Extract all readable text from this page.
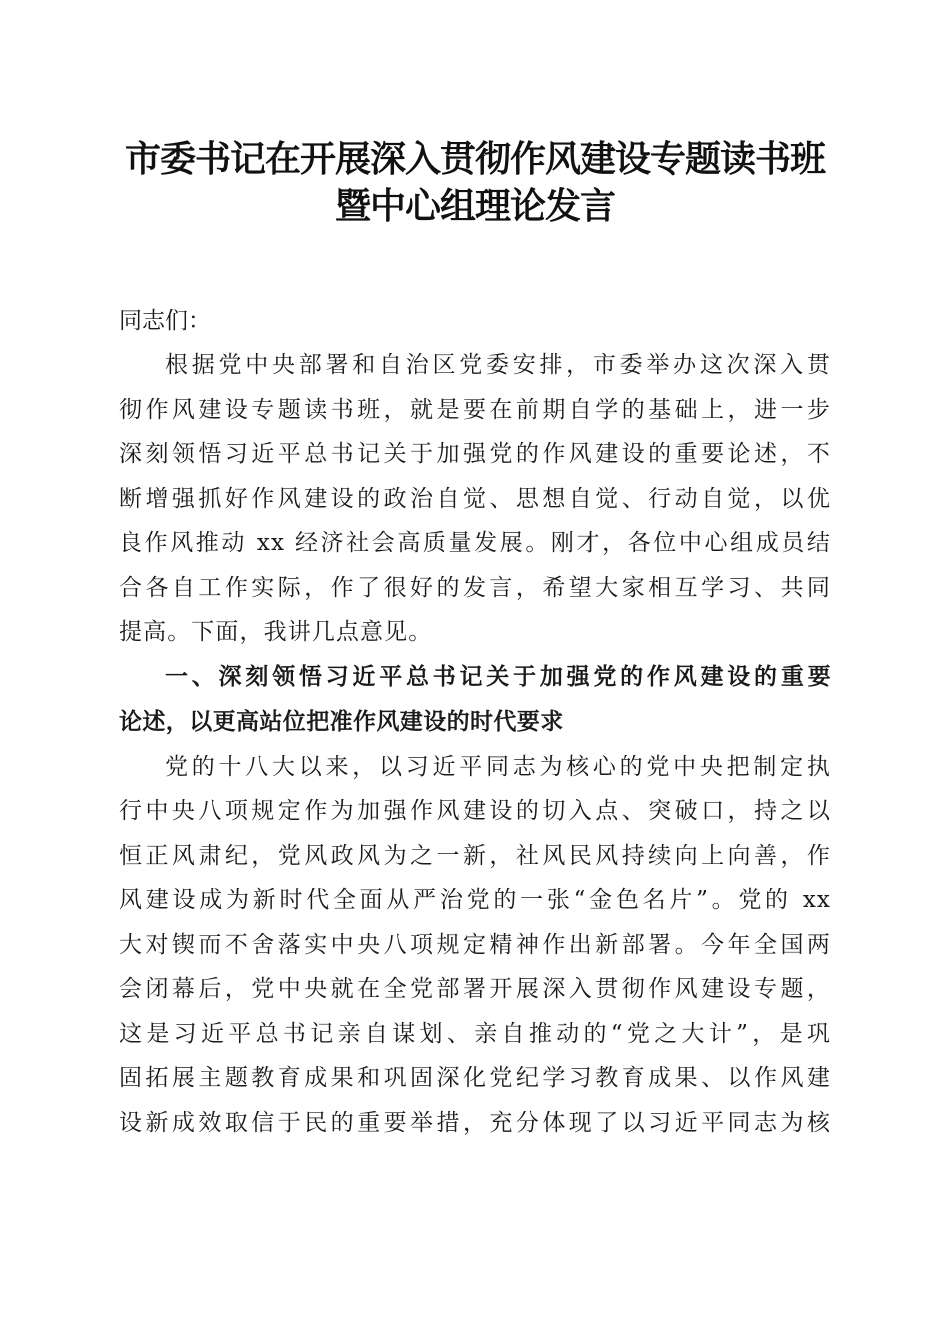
市委书记在开展深入贯彻作风建设专题读书班
暨中心组理论发言

同志们：

根据党中央部署和自治区党委安排，市委举办这次深入贯
彻作风建设专题读书班，就是要在前期自学的基础上，进一步
深刻领悟习近平总书记关于加强党的作风建设的重要论述，不
断增强抓好作风建设的政治自觉、思想自觉、行动自觉，以优
良作风推动 xx 经济社会高质量发展。刚才，各位中心组成员结
合各自工作实际，作了很好的发言，希望大家相互学习、共同
提高。下面，我讲几点意见。

一、深刻领悟习近平总书记关于加强党的作风建设的重要
论述，以更高站位把准作风建设的时代要求

党的十八大以来，以习近平同志为核心的党中央把制定执
行中央八项规定作为加强作风建设的切入点、突破口，持之以
恒正风肃纪，党风政风为之一新，社风民风持续向上向善，作
风建设成为新时代全面从严治党的一张“金色名片”。党的 xx
大对锲而不舍落实中央八项规定精神作出新部署。今年全国两
会闭幕后，党中央就在全党部署开展深入贯彻作风建设专题，
这是习近平总书记亲自谋划、亲自推动的“党之大计”，是巩
固拓展主题教育成果和巩固深化党纪学习教育成果、以作风建
设新成效取信于民的重要举措，充分体现了以习近平同志为核
